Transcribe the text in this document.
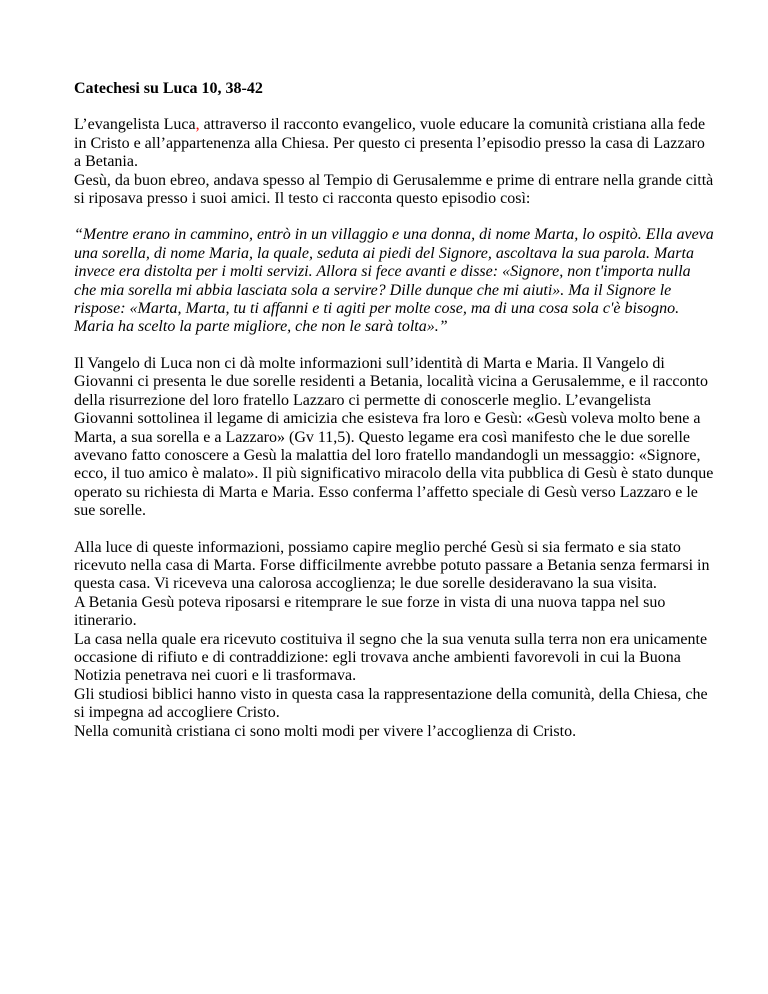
Catechesi su Luca 10, 38-42

L’evangelista Luca, attraverso il racconto evangelico, vuole educare la comunità cristiana alla fede in Cristo e all’appartenenza alla Chiesa. Per questo ci presenta l’episodio presso la casa di Lazzaro a Betania.

Gesù, da buon ebreo, andava spesso al Tempio di Gerusalemme e prime di entrare nella grande città si riposava presso i suoi amici. Il testo ci racconta questo episodio così:

“Mentre erano in cammino, entrò in un villaggio e una donna, di nome Marta, lo ospitò. Ella aveva una sorella, di nome Maria, la quale, seduta ai piedi del Signore, ascoltava la sua parola. Marta invece era distolta per i molti servizi. Allora si fece avanti e disse: «Signore, non t'importa nulla che mia sorella mi abbia lasciata sola a servire? Dille dunque che mi aiuti». Ma il Signore le rispose: «Marta, Marta, tu ti affanni e ti agiti per molte cose, ma di una cosa sola c'è bisogno. Maria ha scelto la parte migliore, che non le sarà tolta».”

Il Vangelo di Luca non ci dà molte informazioni sull’identità di Marta e Maria. Il Vangelo di Giovanni ci presenta le due sorelle residenti a Betania, località vicina a Gerusalemme, e il racconto della risurrezione del loro fratello Lazzaro ci permette di conoscerle meglio. L’evangelista Giovanni sottolinea il legame di amicizia che esisteva fra loro e Gesù: «Gesù voleva molto bene a Marta, a sua sorella e a Lazzaro» (Gv 11,5). Questo legame era così manifesto che le due sorelle avevano fatto conoscere a Gesù la malattia del loro fratello mandandogli un messaggio: «Signore, ecco, il tuo amico è malato». Il più significativo miracolo della vita pubblica di Gesù è stato dunque operato su richiesta di Marta e Maria. Esso conferma l’affetto speciale di Gesù verso Lazzaro e le sue sorelle.

Alla luce di queste informazioni, possiamo capire meglio perché Gesù si sia fermato e sia stato ricevuto nella casa di Marta. Forse difficilmente avrebbe potuto passare a Betania senza fermarsi in questa casa. Vi riceveva una calorosa accoglienza; le due sorelle desideravano la sua visita.

A Betania Gesù poteva riposarsi e ritemprare le sue forze in vista di una nuova tappa nel suo itinerario.

La casa nella quale era ricevuto costituiva il segno che la sua venuta sulla terra non era unicamente occasione di rifiuto e di contraddizione: egli trovava anche ambienti favorevoli in cui la Buona Notizia penetrava nei cuori e li trasformava.

Gli studiosi biblici hanno visto in questa casa la rappresentazione della comunità, della Chiesa, che si impegna ad accogliere Cristo.

Nella comunità cristiana ci sono molti modi per vivere l’accoglienza di Cristo.
